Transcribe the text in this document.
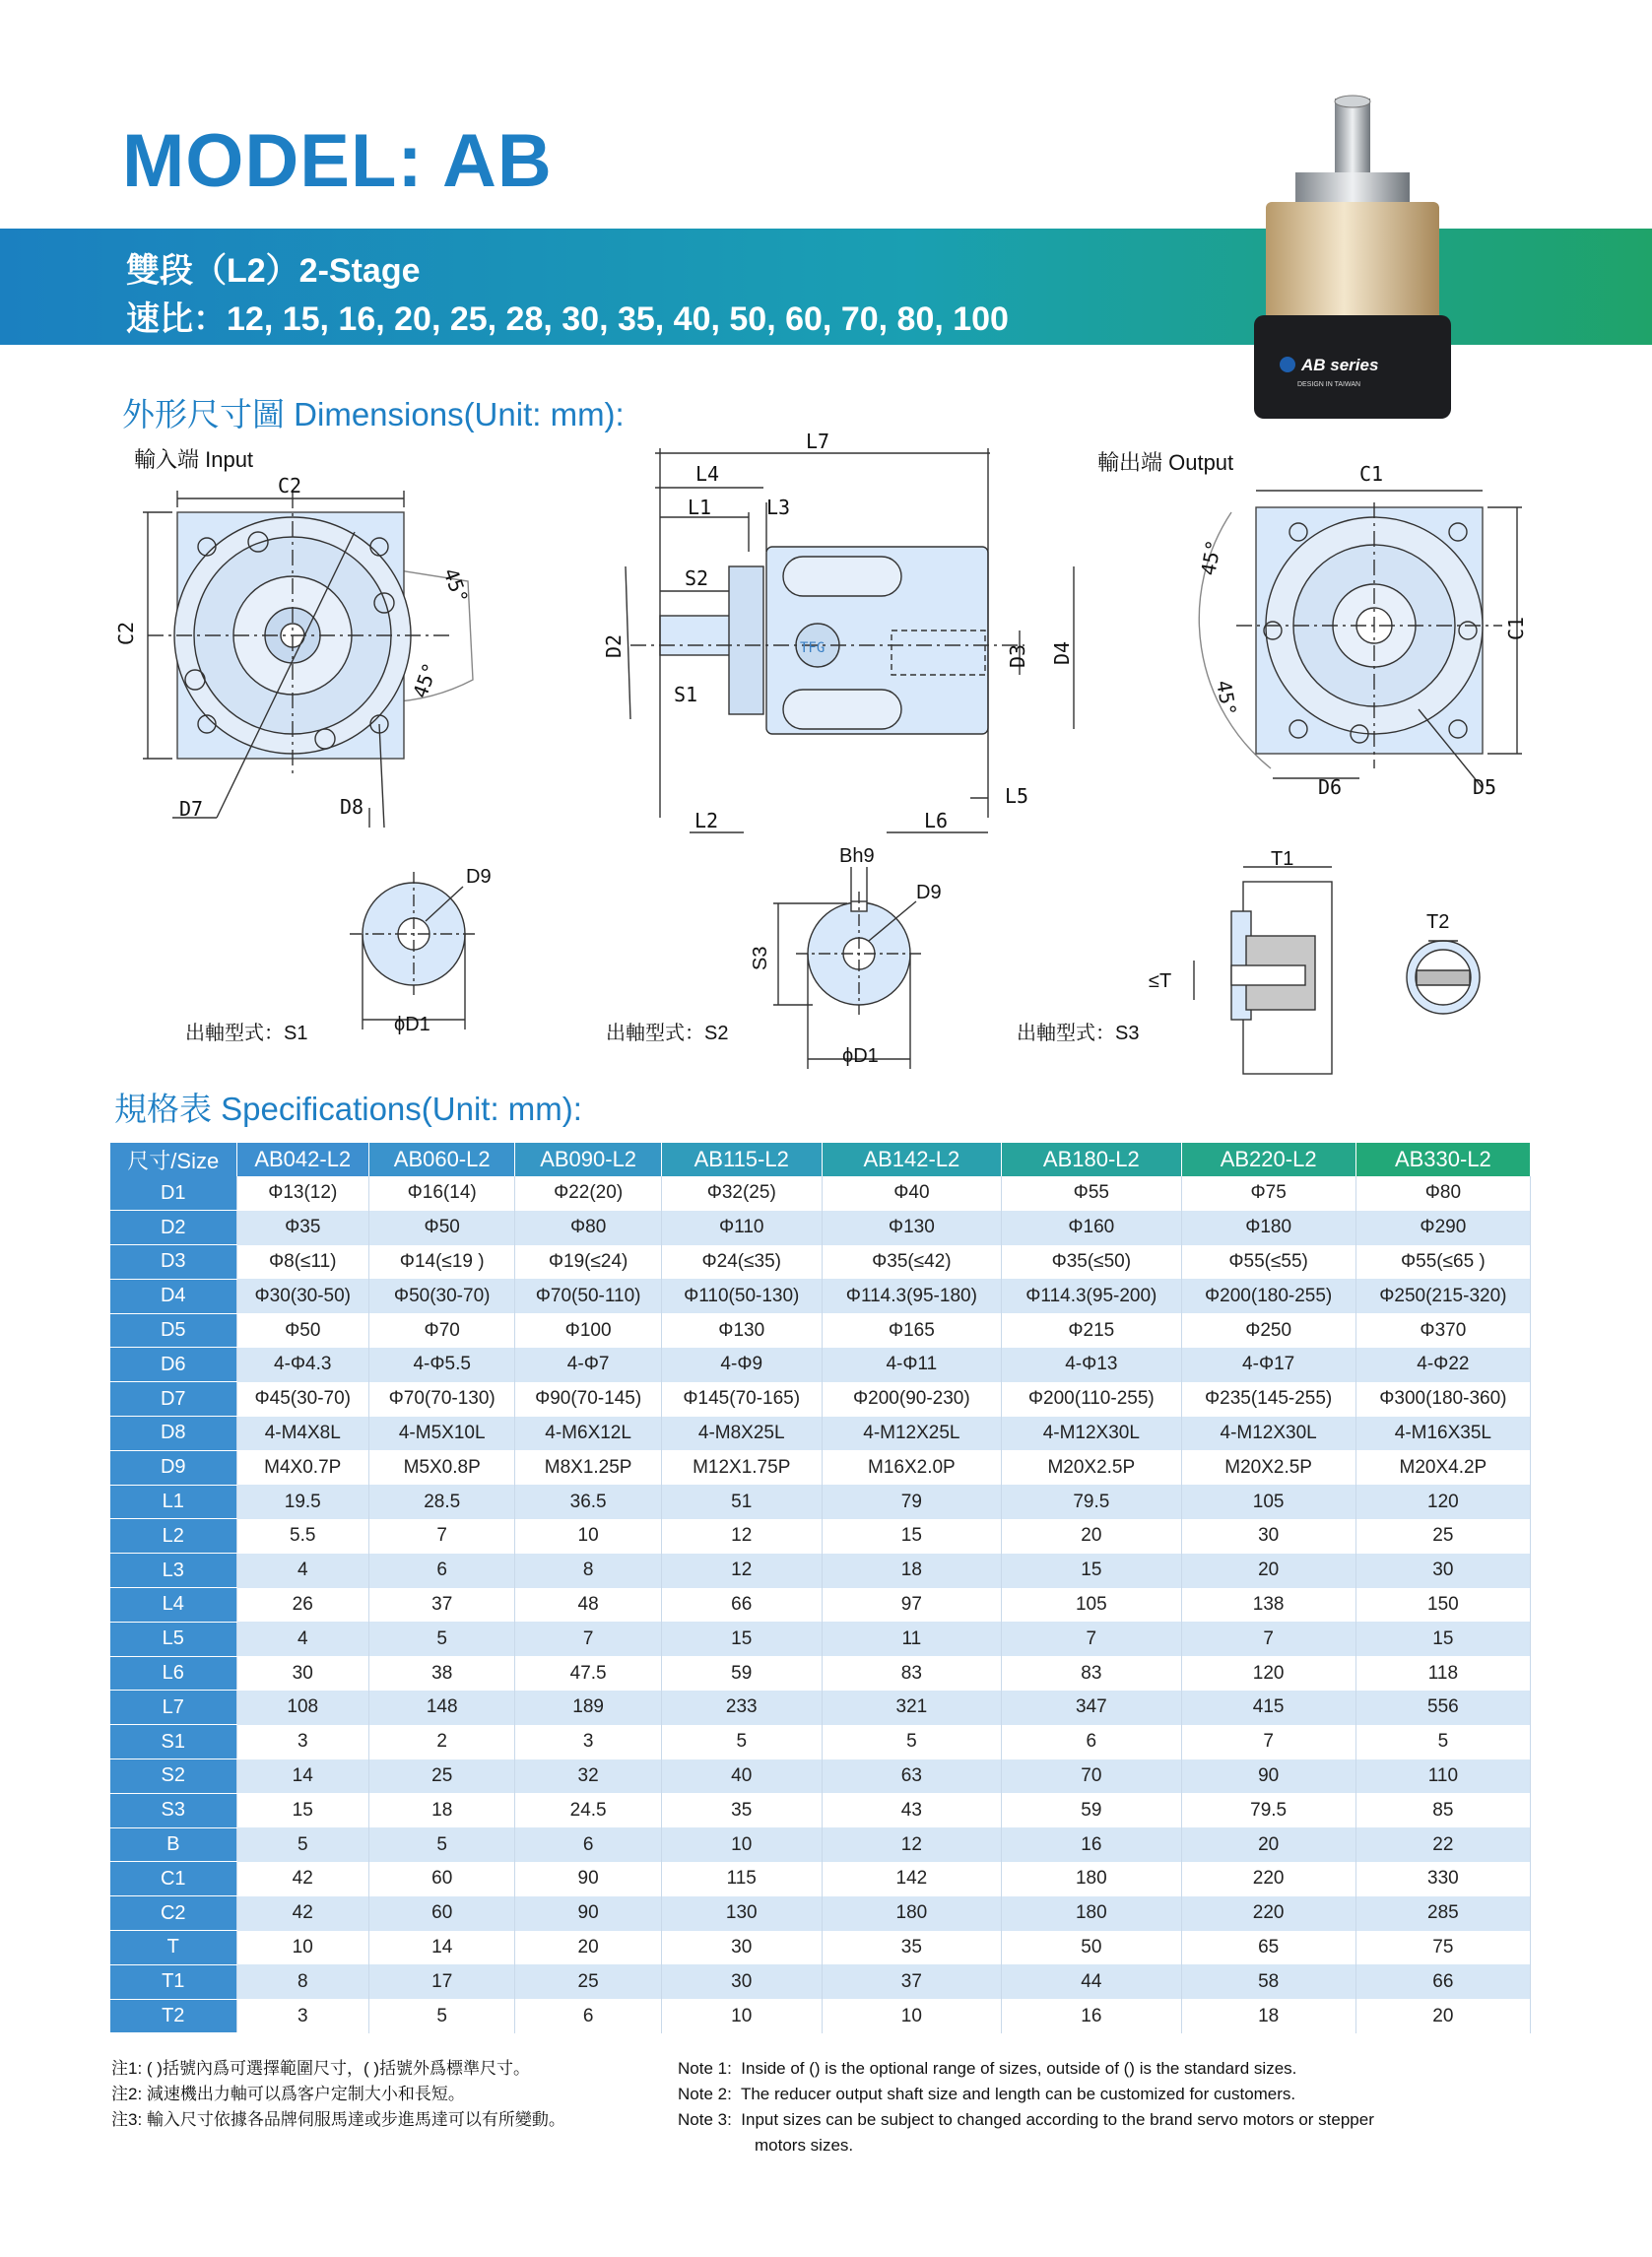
MODEL: AB
雙段（L2）2-Stage
速比：12, 15, 16, 20, 25, 28, 30, 35, 40, 50, 60, 70, 80, 100
AB series
DESIGN IN TAIWAN
外形尺寸圖 Dimensions(Unit: mm):
輸入端 Input	輸出端 Output
C2
C2
D7	D8
45°
45°
L7
L4
L1	L3
S2
S1
D2	D3 D4
L2	L6
L5
TFG
C1
C1
D6	D5
45°
45°
D9
ϕD1
出軸型式：S1
Bh9
D9
S3
ϕD1
出軸型式：S2
T1
T2
≤T
出軸型式：S3
規格表 Specifications(Unit: mm):
尺寸/Size	AB042-L2	AB060-L2	AB090-L2	AB115-L2	AB142-L2	AB180-L2	AB220-L2	AB330-L2
D1	Φ13(12)	Φ16(14)	Φ22(20)	Φ32(25)	Φ40	Φ55	Φ75	Φ80
D2	Φ35	Φ50	Φ80	Φ110	Φ130	Φ160	Φ180	Φ290
D3	Φ8(≤11)	Φ14(≤19 )	Φ19(≤24)	Φ24(≤35)	Φ35(≤42)	Φ35(≤50)	Φ55(≤55)	Φ55(≤65 )
D4	Φ30(30-50)	Φ50(30-70)	Φ70(50-110)	Φ110(50-130)	Φ114.3(95-180)	Φ114.3(95-200)	Φ200(180-255)	Φ250(215-320)
D5	Φ50	Φ70	Φ100	Φ130	Φ165	Φ215	Φ250	Φ370
D6	4-Φ4.3	4-Φ5.5	4-Φ7	4-Φ9	4-Φ11	4-Φ13	4-Φ17	4-Φ22
D7	Φ45(30-70)	Φ70(70-130)	Φ90(70-145)	Φ145(70-165)	Φ200(90-230)	Φ200(110-255)	Φ235(145-255)	Φ300(180-360)
D8	4-M4X8L	4-M5X10L	4-M6X12L	4-M8X25L	4-M12X25L	4-M12X30L	4-M12X30L	4-M16X35L
D9	M4X0.7P	M5X0.8P	M8X1.25P	M12X1.75P	M16X2.0P	M20X2.5P	M20X2.5P	M20X4.2P
L1	19.5	28.5	36.5	51	79	79.5	105	120
L2	5.5	7	10	12	15	20	30	25
L3	4	6	8	12	18	15	20	30
L4	26	37	48	66	97	105	138	150
L5	4	5	7	15	11	7	7	15
L6	30	38	47.5	59	83	83	120	118
L7	108	148	189	233	321	347	415	556
S1	3	2	3	5	5	6	7	5
S2	14	25	32	40	63	70	90	110
S3	15	18	24.5	35	43	59	79.5	85
B	5	5	6	10	12	16	20	22
C1	42	60	90	115	142	180	220	330
C2	42	60	90	130	180	180	220	285
T	10	14	20	30	35	50	65	75
T1	8	17	25	30	37	44	58	66
T2	3	5	6	10	10	16	18	20
注1: ( )括號內爲可選擇範圍尺寸，( )括號外爲標準尺寸。
注2: 減速機出力軸可以爲客户定制大小和長短。
注3: 輸入尺寸依據各品牌伺服馬達或步進馬達可以有所變動。
Note 1: Inside of () is the optional range of sizes, outside of () is the standard sizes.
Note 2: The reducer output shaft size and length can be customized for customers.
Note 3: Input sizes can be subject to changed according to the brand servo motors or stepper
motors sizes.
